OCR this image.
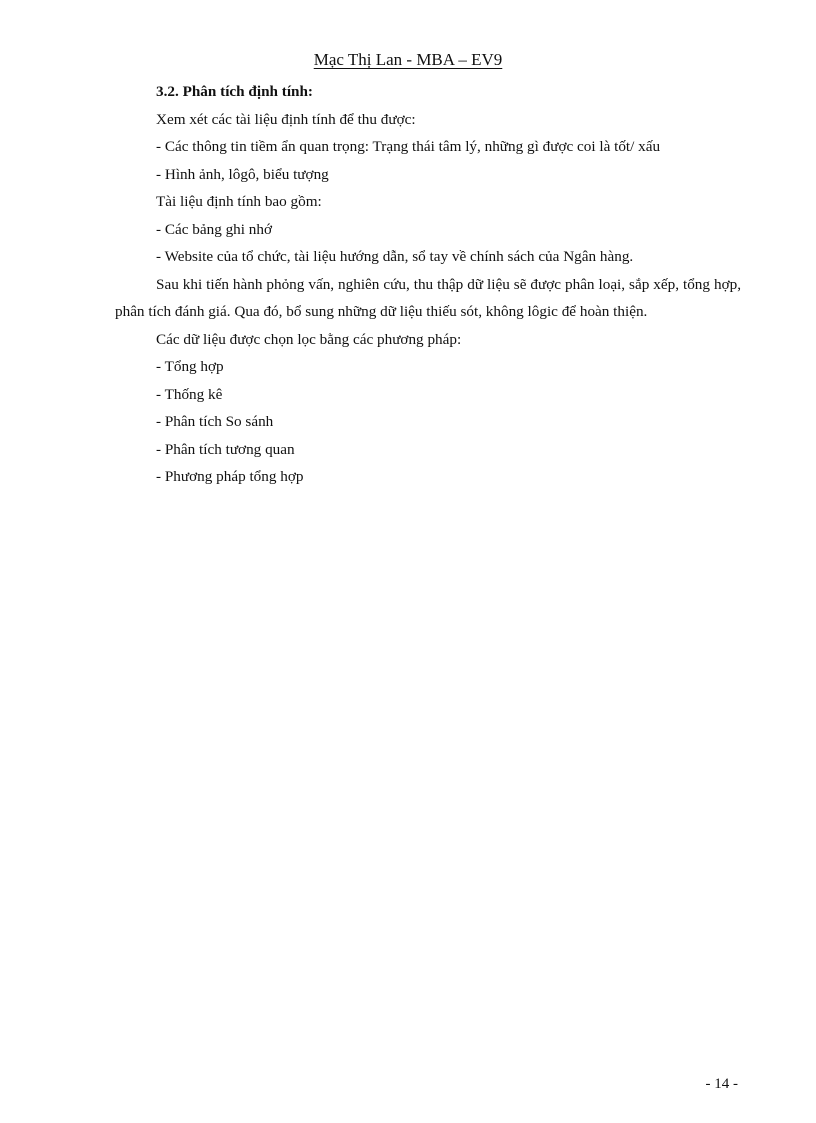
Mạc Thị Lan - MBA – EV9

3.2. Phân tích định tính:

Xem xét các tài liệu định tính để thu được:

- Các thông tin tiềm ẩn quan trọng: Trạng thái tâm lý, những gì được coi là tốt/ xấu

- Hình ảnh, lôgô, biểu tượng

Tài liệu định tính bao gồm:

- Các bảng ghi nhớ

- Website của tổ chức, tài liệu hướng dẫn, sổ tay về chính sách của Ngân hàng.

Sau khi tiến hành phỏng vấn, nghiên cứu, thu thập dữ liệu sẽ được phân loại, sắp xếp, tổng hợp, phân tích đánh giá. Qua đó, bổ sung những dữ liệu thiếu sót, không lôgic để hoàn thiện.

Các dữ liệu được chọn lọc bằng các phương pháp:

- Tổng hợp

- Thống kê

- Phân tích So sánh

- Phân tích tương quan

- Phương pháp tổng hợp

- 14 -
